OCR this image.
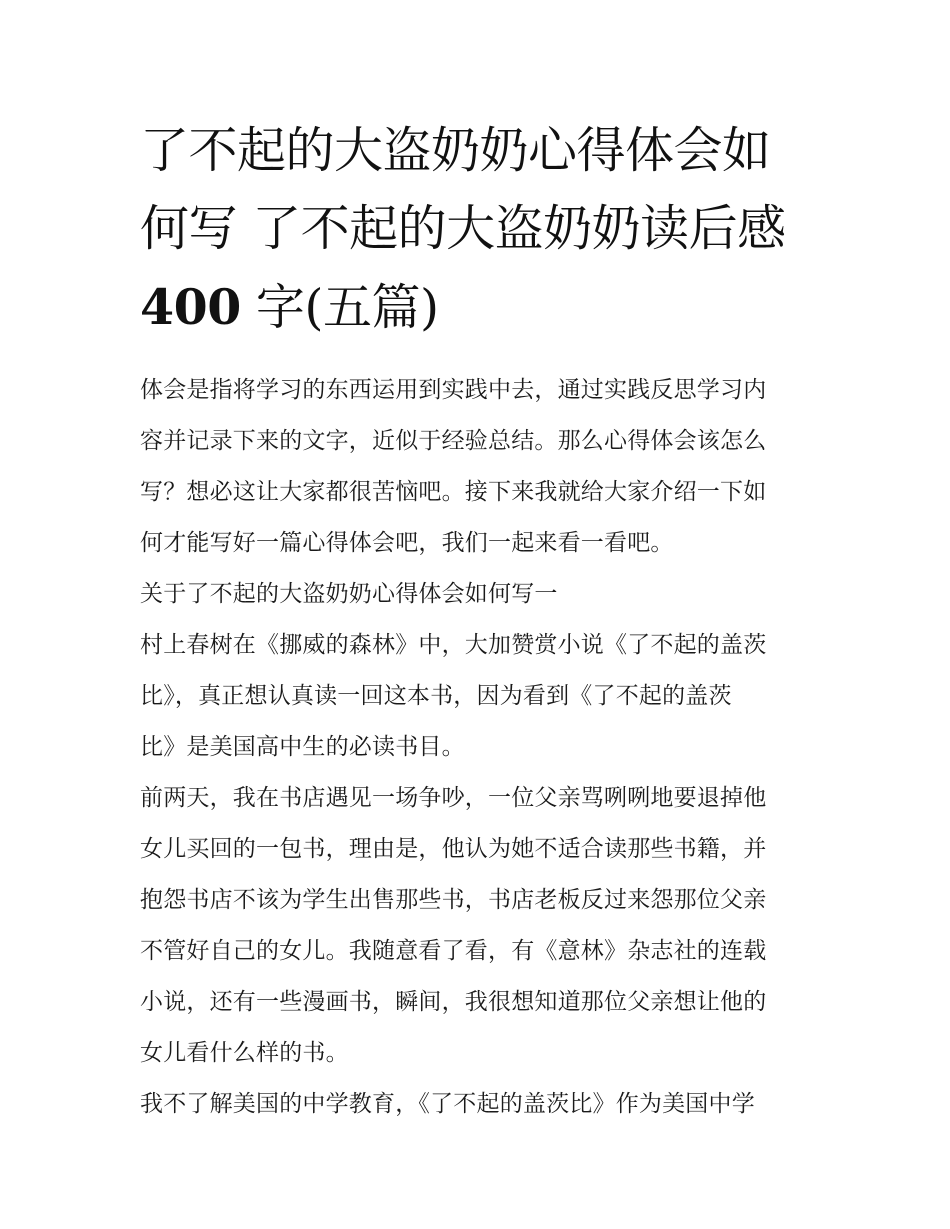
了不起的大盗奶奶心得体会如
何写 了不起的大盗奶奶读后感
400 字(五篇)
体会是指将学习的东西运用到实践中去，通过实践反思学习内
容并记录下来的文字，近似于经验总结。那么心得体会该怎么
写？想必这让大家都很苦恼吧。接下来我就给大家介绍一下如
何才能写好一篇心得体会吧，我们一起来看一看吧。
关于了不起的大盗奶奶心得体会如何写一
村上春树在《挪威的森林》中，大加赞赏小说《了不起的盖茨
比》，真正想认真读一回这本书，因为看到《了不起的盖茨
比》是美国高中生的必读书目。
前两天，我在书店遇见一场争吵，一位父亲骂咧咧地要退掉他
女儿买回的一包书，理由是，他认为她不适合读那些书籍，并
抱怨书店不该为学生出售那些书，书店老板反过来怨那位父亲
不管好自己的女儿。我随意看了看，有《意林》杂志社的连载
小说，还有一些漫画书，瞬间，我很想知道那位父亲想让他的
女儿看什么样的书。
我不了解美国的中学教育，《了不起的盖茨比》作为美国中学
